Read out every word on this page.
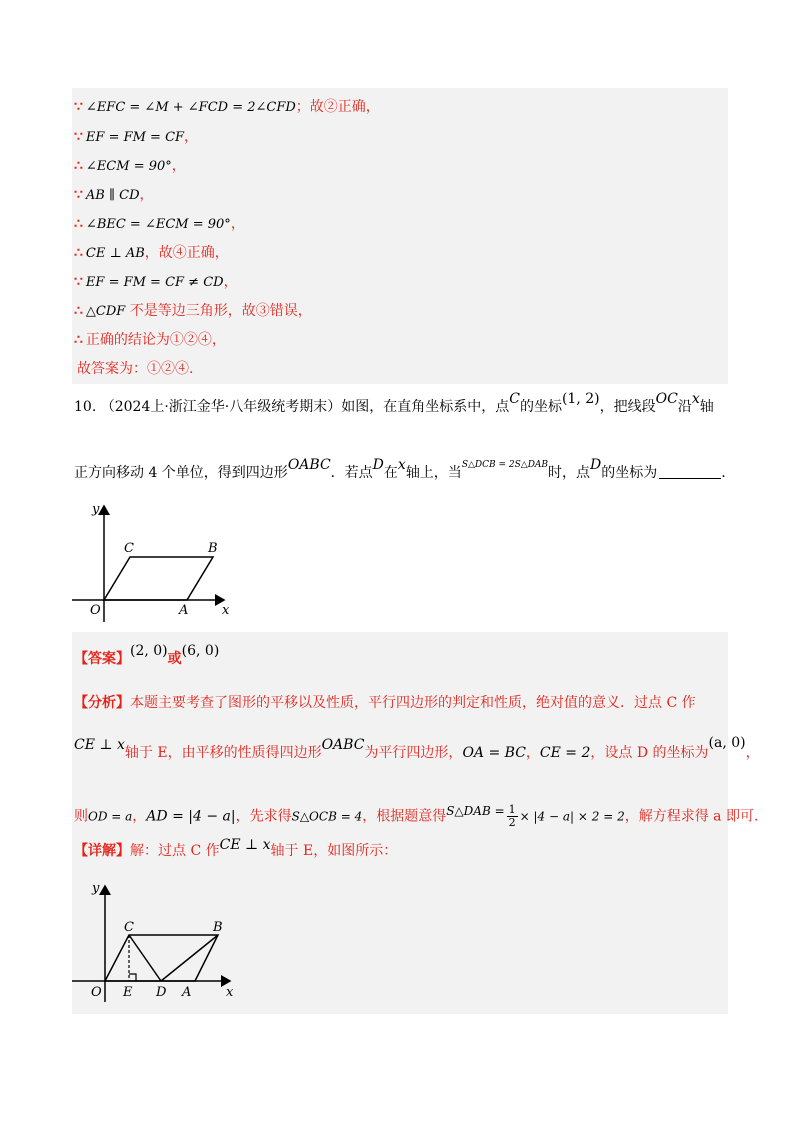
∵ ∠EFC = ∠M + ∠FCD = 2∠CFD；故②正确，
∵ EF = FM = CF，
∴ ∠ECM = 90°，
∵ AB ∥ CD，
∴ ∠BEC = ∠ECM = 90°，
∴ CE ⊥ AB，故④正确，
∵ EF = FM = CF ≠ CD，
∴ △CDF 不是等边三角形，故③错误，
∴ 正确的结论为①②④，
故答案为：①②④.
10. （2024上·浙江金华·八年级统考期末）如图，在直角坐标系中，点C的坐标(1, 2)，把线段OC沿x轴
正方向移动 4 个单位，得到四边形OABC．若点D在x轴上，当$^{S\triangle DCB = 2S\triangle DAB}$时，点D的坐标为	.
y
C	B
O	A	x
【答案】(2, 0)或(6, 0)
【分析】本题主要考查了图形的平移以及性质，平行四边形的判定和性质，绝对值的意义．过点 C 作
CE ⊥ x轴于 E，由平移的性质得四边形OABC为平行四边形，OA = BC，CE = 2，设点 D 的坐标为(a, 0)，
则OD = a，AD = |4 − a|，先求得S△OCB = 4，根据题意得S△DAB = $\frac{1}{2} \times |4 - a| \times 2 = 2$，解方程求得 a 即可.
【详解】解：过点 C 作CE ⊥ x轴于 E，如图所示：
y
C	B
O E D A	x
